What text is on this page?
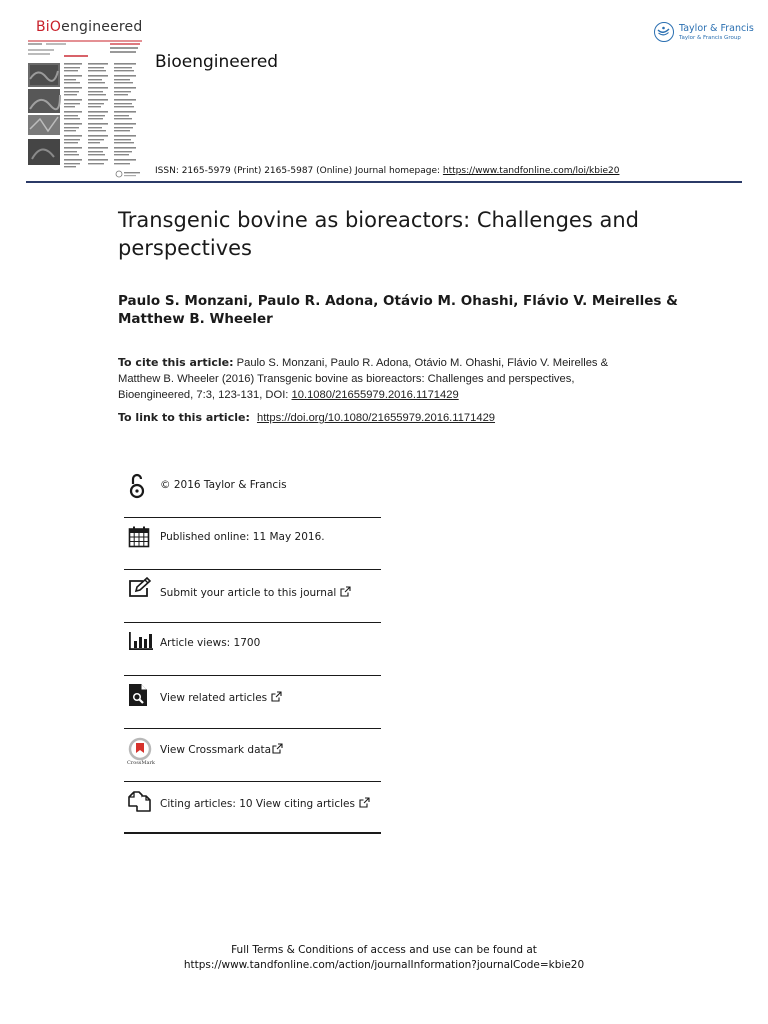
BiOengineered
Bioengineered
ISSN: 2165-5979 (Print) 2165-5987 (Online) Journal homepage: https://www.tandfonline.com/loi/kbie20
Taylor & Francis
Taylor & Francis Group
Transgenic bovine as bioreactors: Challenges and perspectives
Paulo S. Monzani, Paulo R. Adona, Otávio M. Ohashi, Flávio V. Meirelles & Matthew B. Wheeler
To cite this article: Paulo S. Monzani, Paulo R. Adona, Otávio M. Ohashi, Flávio V. Meirelles & Matthew B. Wheeler (2016) Transgenic bovine as bioreactors: Challenges and perspectives, Bioengineered, 7:3, 123-131, DOI: 10.1080/21655979.2016.1171429
To link to this article: https://doi.org/10.1080/21655979.2016.1171429
© 2016 Taylor & Francis
Published online: 11 May 2016.
Submit your article to this journal
Article views: 1700
View related articles
CrossMark
View Crossmark data
Citing articles: 10 View citing articles
Full Terms & Conditions of access and use can be found at
https://www.tandfonline.com/action/journalInformation?journalCode=kbie20
